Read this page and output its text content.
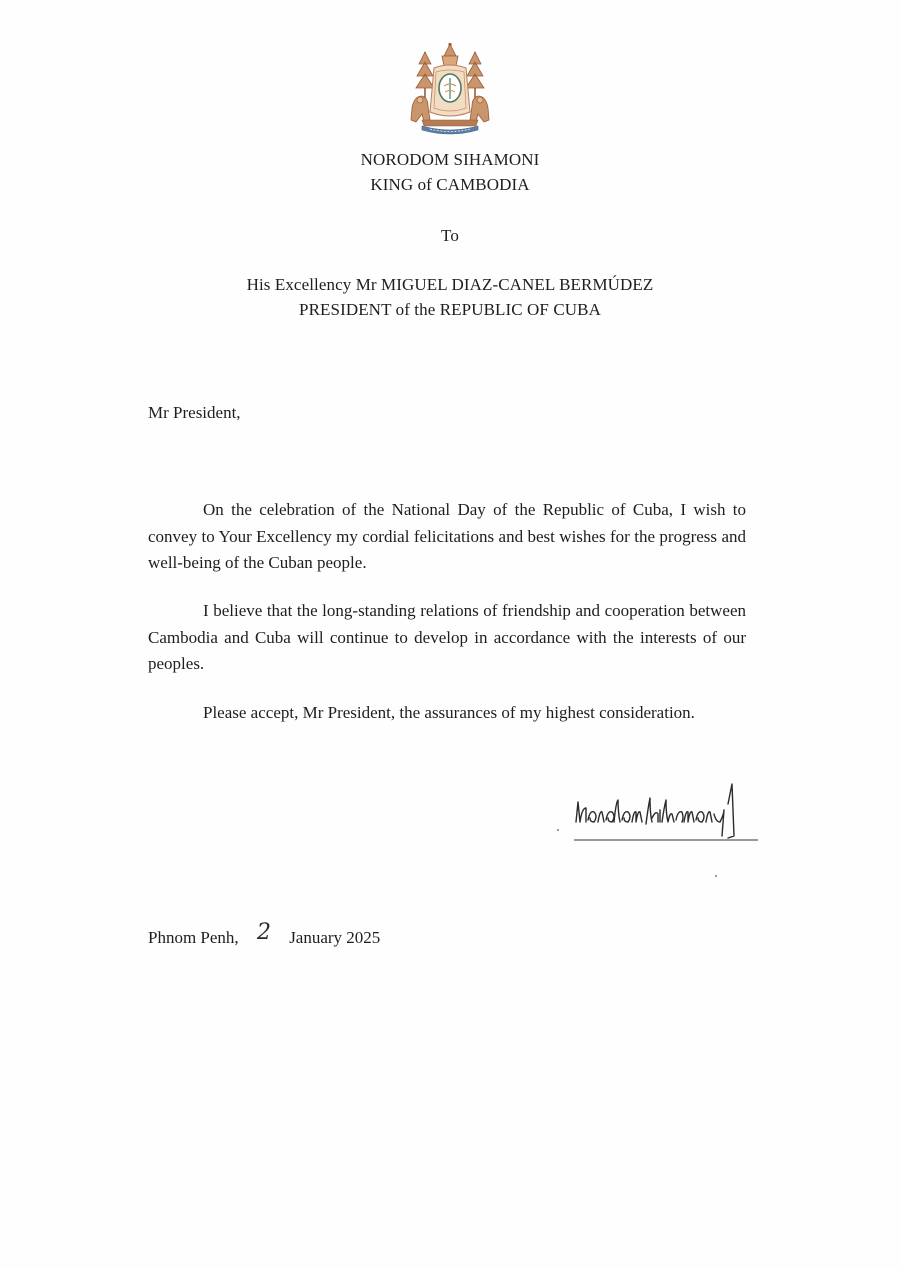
NORODOM SIHAMONI
KING of CAMBODIA
To
His Excellency Mr MIGUEL DIAZ-CANEL BERMÚDEZ
PRESIDENT of the REPUBLIC OF CUBA
Mr President,

On the celebration of the National Day of the Republic of Cuba, I wish to convey to Your Excellency my cordial felicitations and best wishes for the progress and well-being of the Cuban people.

I believe that the long-standing relations of friendship and cooperation between Cambodia and Cuba will continue to develop in accordance with the interests of our peoples.

Please accept, Mr President, the assurances of my highest consideration.

Phnom Penh, 2 January 2025
